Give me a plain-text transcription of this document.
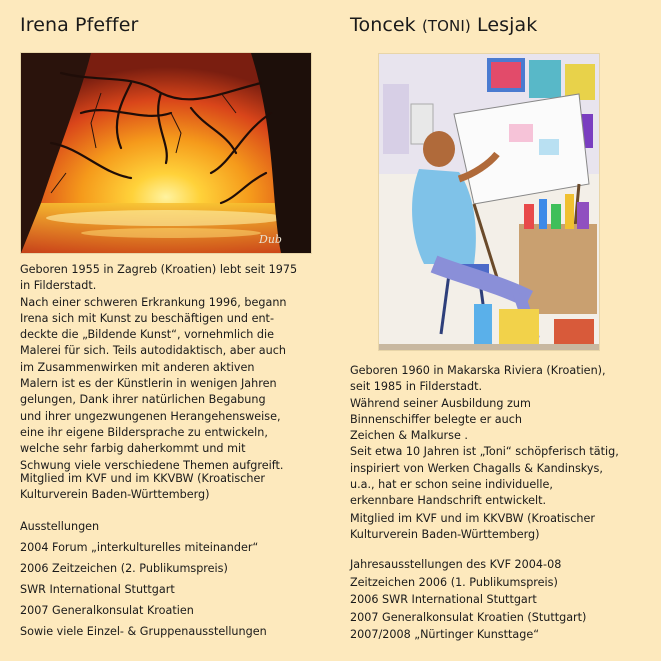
Irena Pfeffer
Dub

Geboren 1955 in Zagreb (Kroatien) lebt seit 1975
in Filderstadt.
Nach einer schweren Erkrankung 1996, begann
Irena sich mit Kunst zu beschäftigen und ent-
deckte die „Bildende Kunst“, vornehmlich die
Malerei für sich. Teils autodidaktisch, aber auch
im Zusammenwirken mit anderen aktiven
Malern ist es der Künstlerin in wenigen Jahren
gelungen, Dank ihrer natürlichen Begabung
und ihrer ungezwungenen Herangehensweise,
eine ihr eigene Bildersprache zu entwickeln,
welche sehr farbig daherkommt und mit
Schwung viele verschiedene Themen aufgreift.

Mitglied im KVF und im KKVBW (Kroatischer
Kulturverein Baden-Württemberg)

Ausstellungen

2004 Forum „interkulturelles miteinander“
2006 Zeitzeichen (2. Publikumspreis)
SWR International Stuttgart
2007 Generalkonsulat Kroatien
Sowie viele Einzel- & Gruppenausstellungen
Toncek (TONI) Lesjak

Geboren 1960 in Makarska Riviera (Kroatien),
seit 1985 in Filderstadt.
Während seiner Ausbildung zum
Binnenschiffer belegte er auch
Zeichen & Malkurse .
Seit etwa 10 Jahren ist „Toni“ schöpferisch tätig,
inspiriert von Werken Chagalls & Kandinskys,
u.a., hat er schon seine individuelle,
erkennbare Handschrift entwickelt.

Mitglied im KVF und im KKVBW (Kroatischer
Kulturverein Baden-Württemberg)

Jahresausstellungen des KVF 2004-08
Zeitzeichen 2006 (1. Publikumspreis)
2006 SWR International Stuttgart
2007 Generalkonsulat Kroatien (Stuttgart)
2007/2008 „Nürtinger Kunsttage“
